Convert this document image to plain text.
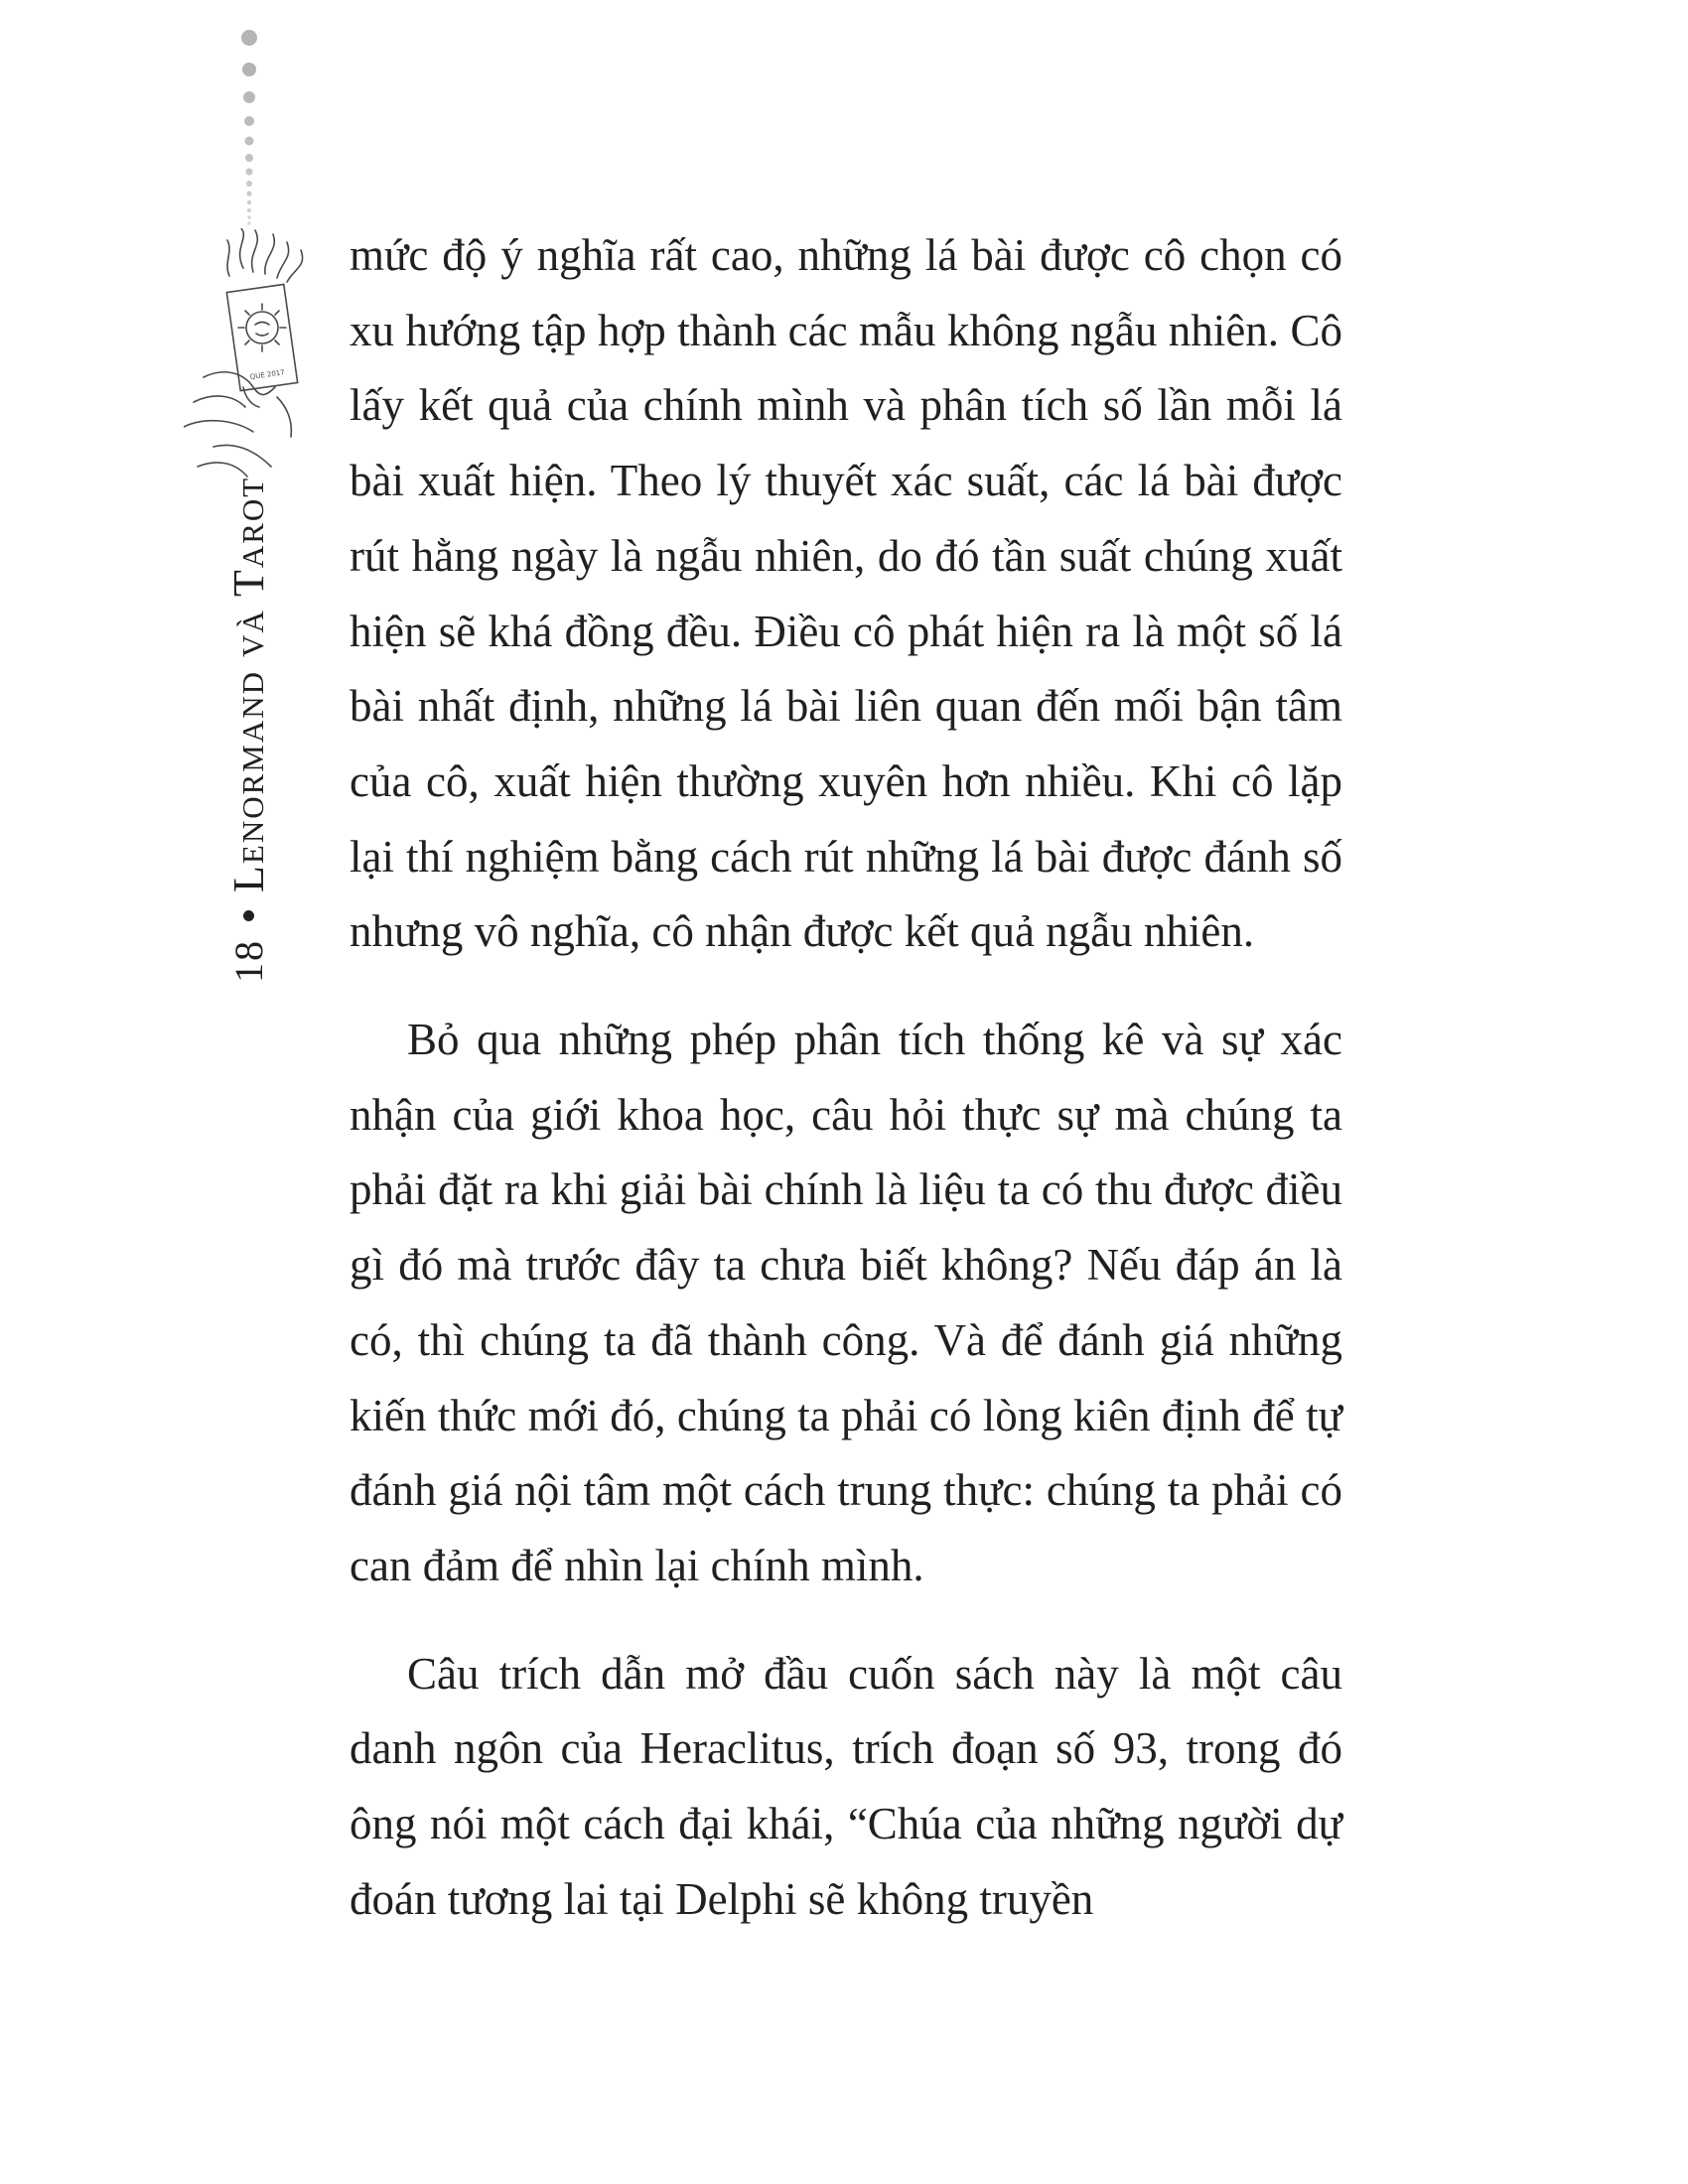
QUE 2017
18
Lenormand và Tarot

mức độ ý nghĩa rất cao, những lá bài được cô chọn có xu hướng tập hợp thành các mẫu không ngẫu nhiên. Cô lấy kết quả của chính mình và phân tích số lần mỗi lá bài xuất hiện. Theo lý thuyết xác suất, các lá bài được rút hằng ngày là ngẫu nhiên, do đó tần suất chúng xuất hiện sẽ khá đồng đều. Điều cô phát hiện ra là một số lá bài nhất định, những lá bài liên quan đến mối bận tâm của cô, xuất hiện thường xuyên hơn nhiều. Khi cô lặp lại thí nghiệm bằng cách rút những lá bài được đánh số nhưng vô nghĩa, cô nhận được kết quả ngẫu nhiên.

Bỏ qua những phép phân tích thống kê và sự xác nhận của giới khoa học, câu hỏi thực sự mà chúng ta phải đặt ra khi giải bài chính là liệu ta có thu được điều gì đó mà trước đây ta chưa biết không? Nếu đáp án là có, thì chúng ta đã thành công. Và để đánh giá những kiến thức mới đó, chúng ta phải có lòng kiên định để tự đánh giá nội tâm một cách trung thực: chúng ta phải có can đảm để nhìn lại chính mình.

Câu trích dẫn mở đầu cuốn sách này là một câu danh ngôn của Heraclitus, trích đoạn số 93, trong đó ông nói một cách đại khái, “Chúa của những người dự đoán tương lai tại Delphi sẽ không truyền
